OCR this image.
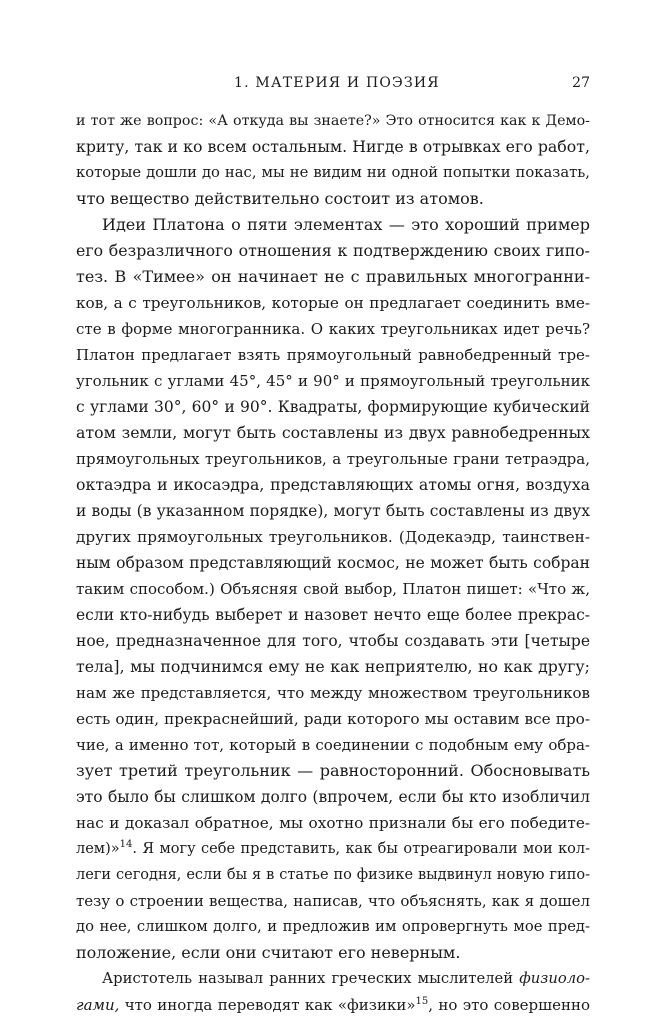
1. МАТЕРИЯ И ПОЭЗИЯ	27
и тот же вопрос: «А откуда вы знаете?» Это относится как к Демо-
криту, так и ко всем остальным. Нигде в отрывках его работ,
которые дошли до нас, мы не видим ни одной попытки показать,
что вещество действительно состоит из атомов.
Идеи Платона о пяти элементах — это хороший пример
его безразличного отношения к подтверждению своих гипо-
тез. В «Тимее» он начинает не с правильных многогранни-
ков, а с треугольников, которые он предлагает соединить вме-
сте в форме многогранника. О каких треугольниках идет речь?
Платон предлагает взять прямоугольный равнобедренный тре-
угольник с углами 45°, 45° и 90° и прямоугольный треугольник
с углами 30°, 60° и 90°. Квадраты, формирующие кубический
атом земли, могут быть составлены из двух равнобедренных
прямоугольных треугольников, а треугольные грани тетраэдра,
октаэдра и икосаэдра, представляющих атомы огня, воздуха
и воды (в указанном порядке), могут быть составлены из двух
других прямоугольных треугольников. (Додекаэдр, таинствен-
ным образом представляющий космос, не может быть собран
таким способом.) Объясняя свой выбор, Платон пишет: «Что ж,
если кто-нибудь выберет и назовет нечто еще более прекрас-
ное, предназначенное для того, чтобы создавать эти [четыре
тела], мы подчинимся ему не как неприятелю, но как другу;
нам же представляется, что между множеством треугольников
есть один, прекраснейший, ради которого мы оставим все про-
чие, а именно тот, который в соединении с подобным ему обра-
зует третий треугольник — равносторонний. Обосновывать
это было бы слишком долго (впрочем, если бы кто изобличил
нас и доказал обратное, мы охотно признали бы его победите-
лем)»$^{14}$. Я могу себе представить, как бы отреагировали мои кол-
леги сегодня, если бы я в статье по физике выдвинул новую гипо-
тезу о строении вещества, написав, что объяснять, как я дошел
до нее, слишком долго, и предложив им опровергнуть мое пред-
положение, если они считают его неверным.
Аристотель называл ранних греческих мыслителей физиоло-
гами, что иногда переводят как «физики»$^{15}$, но это совершенно
